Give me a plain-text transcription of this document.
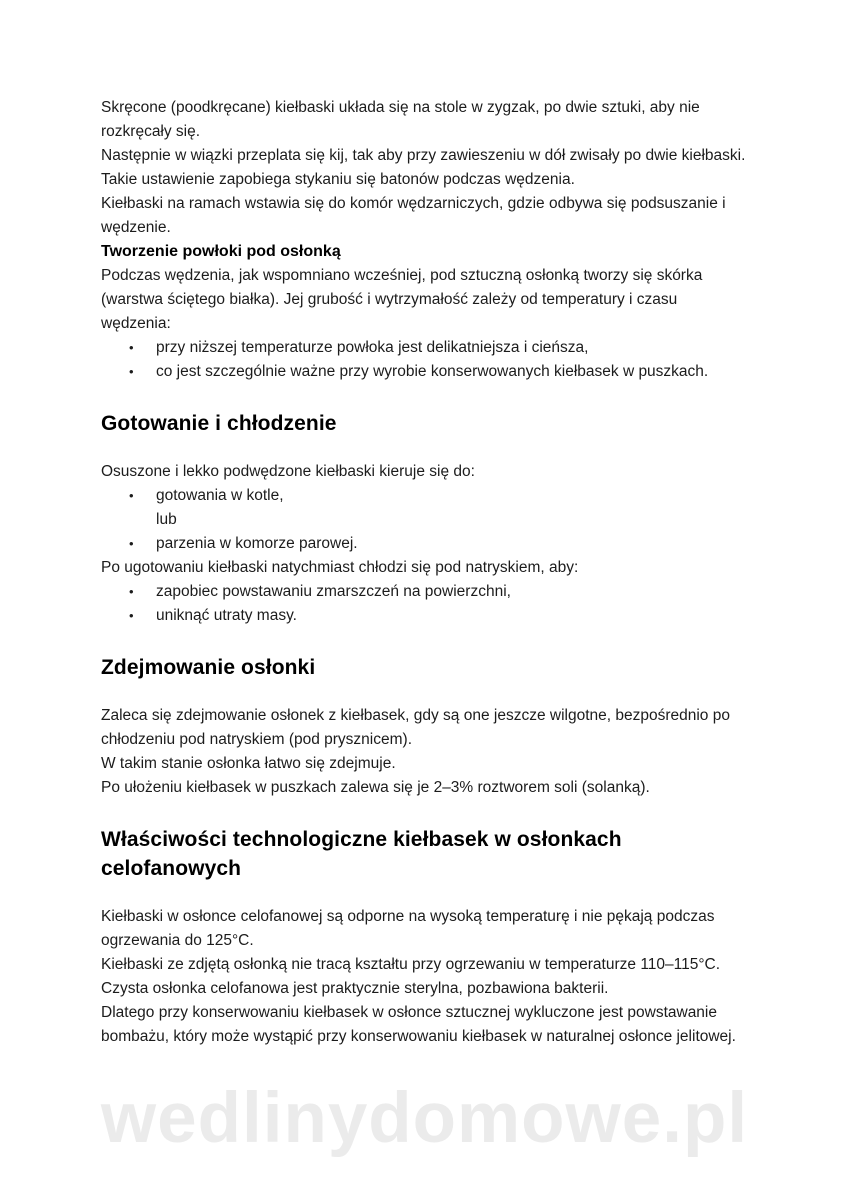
Skręcone (poodkręcane) kiełbaski układa się na stole w zygzak, po dwie sztuki, aby nie rozkręcały się.

Następnie w wiązki przeplata się kij, tak aby przy zawieszeniu w dół zwisały po dwie kiełbaski.

Takie ustawienie zapobiega stykaniu się batonów podczas wędzenia.

Kiełbaski na ramach wstawia się do komór wędzarniczych, gdzie odbywa się podsuszanie i wędzenie.

Tworzenie powłoki pod osłonką

Podczas wędzenia, jak wspomniano wcześniej, pod sztuczną osłonką tworzy się skórka (warstwa ściętego białka). Jej grubość i wytrzymałość zależy od temperatury i czasu wędzenia:

•	przy niższej temperaturze powłoka jest delikatniejsza i cieńsza,
•	co jest szczególnie ważne przy wyrobie konserwowanych kiełbasek w puszkach.
Gotowanie i chłodzenie

Osuszone i lekko podwędzone kiełbaski kieruje się do:

•	gotowania w kotle,
lub
•	parzenia w komorze parowej.

Po ugotowaniu kiełbaski natychmiast chłodzi się pod natryskiem, aby:

•	zapobiec powstawaniu zmarszczeń na powierzchni,
•	uniknąć utraty masy.
Zdejmowanie osłonki

Zaleca się zdejmowanie osłonek z kiełbasek, gdy są one jeszcze wilgotne, bezpośrednio po chłodzeniu pod natryskiem (pod prysznicem).

W takim stanie osłonka łatwo się zdejmuje.

Po ułożeniu kiełbasek w puszkach zalewa się je 2–3% roztworem soli (solanką).

Właściwości technologiczne kiełbasek w osłonkach celofanowych

Kiełbaski w osłonce celofanowej są odporne na wysoką temperaturę i nie pękają podczas ogrzewania do 125°C.

Kiełbaski ze zdjętą osłonką nie tracą kształtu przy ogrzewaniu w temperaturze 110–115°C.

Czysta osłonka celofanowa jest praktycznie sterylna, pozbawiona bakterii.

Dlatego przy konserwowaniu kiełbasek w osłonce sztucznej wykluczone jest powstawanie bombażu, który może wystąpić przy konserwowaniu kiełbasek w naturalnej osłonce jelitowej.

wedlinydomowe.pl
